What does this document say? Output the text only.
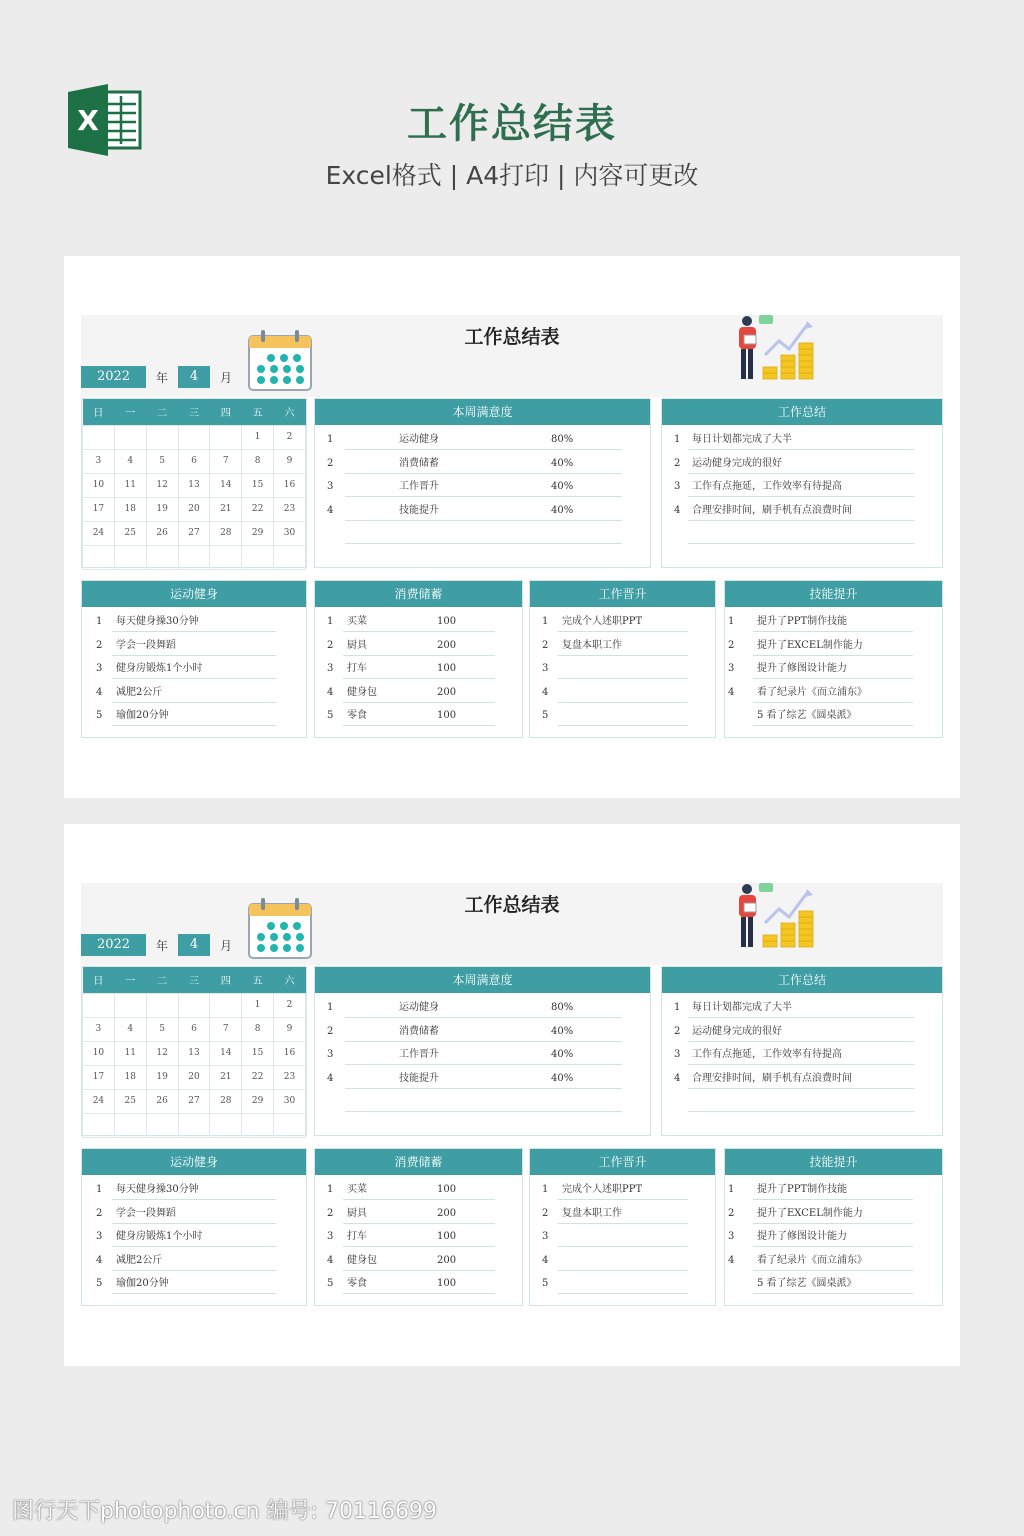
X	工作总结表
Excel格式 | A4打印 | 内容可更改
工作总结表
2022	年	4	月
日	一	二	三	四	五	六
					1	2
3	4	5	6	7	8	9
10	11	12	13	14	15	16
17	18	19	20	21	22	23
24	25	26	27	28	29	30

本周满意度
1	运动健身	80%
2	消费储蓄	40%
3	工作晋升	40%
4	技能提升	40%
工作总结
1 每日计划都完成了大半
2 运动健身完成的很好
3 工作有点拖延，工作效率有待提高
4 合理安排时间，刷手机有点浪费时间
运动健身
1 每天健身操30分钟
2 学会一段舞蹈
3 健身房锻炼1个小时
4 减肥2公斤
5 瑜伽20分钟
消费储蓄
1 买菜	100
2 厨具	200
3 打车	100
4 健身包	200
5 零食	100
工作晋升
1 完成个人述职PPT
2 复盘本职工作
3
4
5
技能提升
1 提升了PPT制作技能
2 提升了EXCEL制作能力
3 提升了修图设计能力
4 看了纪录片《而立浦东》
5 看了综艺《圆桌派》
工作总结表
2022	年	4	月
日	一	二	三	四	五	六
					1	2
3	4	5	6	7	8	9
10	11	12	13	14	15	16
17	18	19	20	21	22	23
24	25	26	27	28	29	30

本周满意度
1	运动健身	80%
2	消费储蓄	40%
3	工作晋升	40%
4	技能提升	40%
工作总结
1 每日计划都完成了大半
2 运动健身完成的很好
3 工作有点拖延，工作效率有待提高
4 合理安排时间，刷手机有点浪费时间
运动健身
1 每天健身操30分钟
2 学会一段舞蹈
3 健身房锻炼1个小时
4 减肥2公斤
5 瑜伽20分钟
消费储蓄
1 买菜	100
2 厨具	200
3 打车	100
4 健身包	200
5 零食	100
工作晋升
1 完成个人述职PPT
2 复盘本职工作
3
4
5
技能提升
1 提升了PPT制作技能
2 提升了EXCEL制作能力
3 提升了修图设计能力
4 看了纪录片《而立浦东》
5 看了综艺《圆桌派》
图行天下photophoto.cn 编号: 70116699
